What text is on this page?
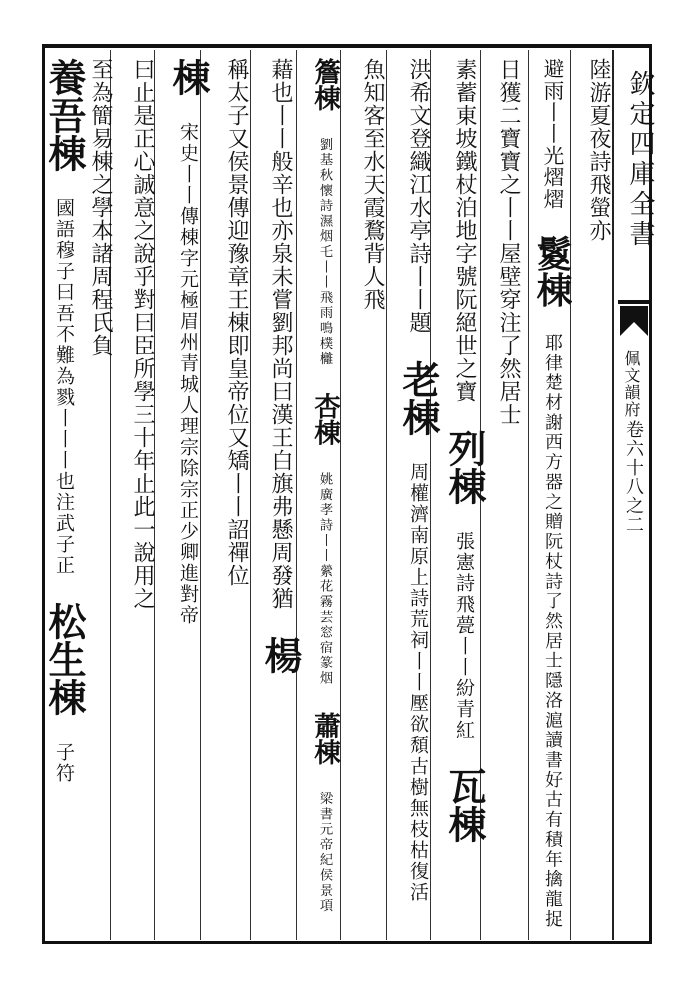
欽定四庫全書
佩文韻府
卷六十八之二
陸游夏夜詩飛螢亦
避雨丨丨光熠熠 鬉棟 耶律楚材謝西方器之贈阮杖詩了然居士隱洛滬讀書好古有積年擒龍捉
日獲二寶寶之丨丨屋壁穿注了然居士
素蓄東坡鐵杖泊地字號阮絕世之寶 列棟 張憲詩飛甍丨丨紛青紅 瓦棟
洪希文登織江水亭詩丨丨題 老棟 周權濟南原上詩荒祠丨丨壓欲頹古樹無枝枯復活
魚知客至水天霞鶩背人飛
簷棟 劉基秋懷詩濕烟乇丨丨飛雨鳴樸㰚 杏棟 姚廣孝詩丨丨縈花霧芸窓宿篆烟 蕭棟 梁書元帝紀侯景項
藉也丨丨般辛也亦泉未嘗劉邦尚曰漢王白旗弗懸周發猶 楊
稱太子又侯景傳迎豫章王棟即皇帝位又矯丨丨詔禪位
棟 宋史丨丨傳棟字元極眉州青城人理宗除宗正少卿進對帝
曰止是正心誠意之說乎對曰臣所學三十年止此一說用之
至為簡易棟之學本諸周程氏負
養吾棟 國語穆子曰吾不難為戮丨丨丨也注武子正 松生棟 子符
